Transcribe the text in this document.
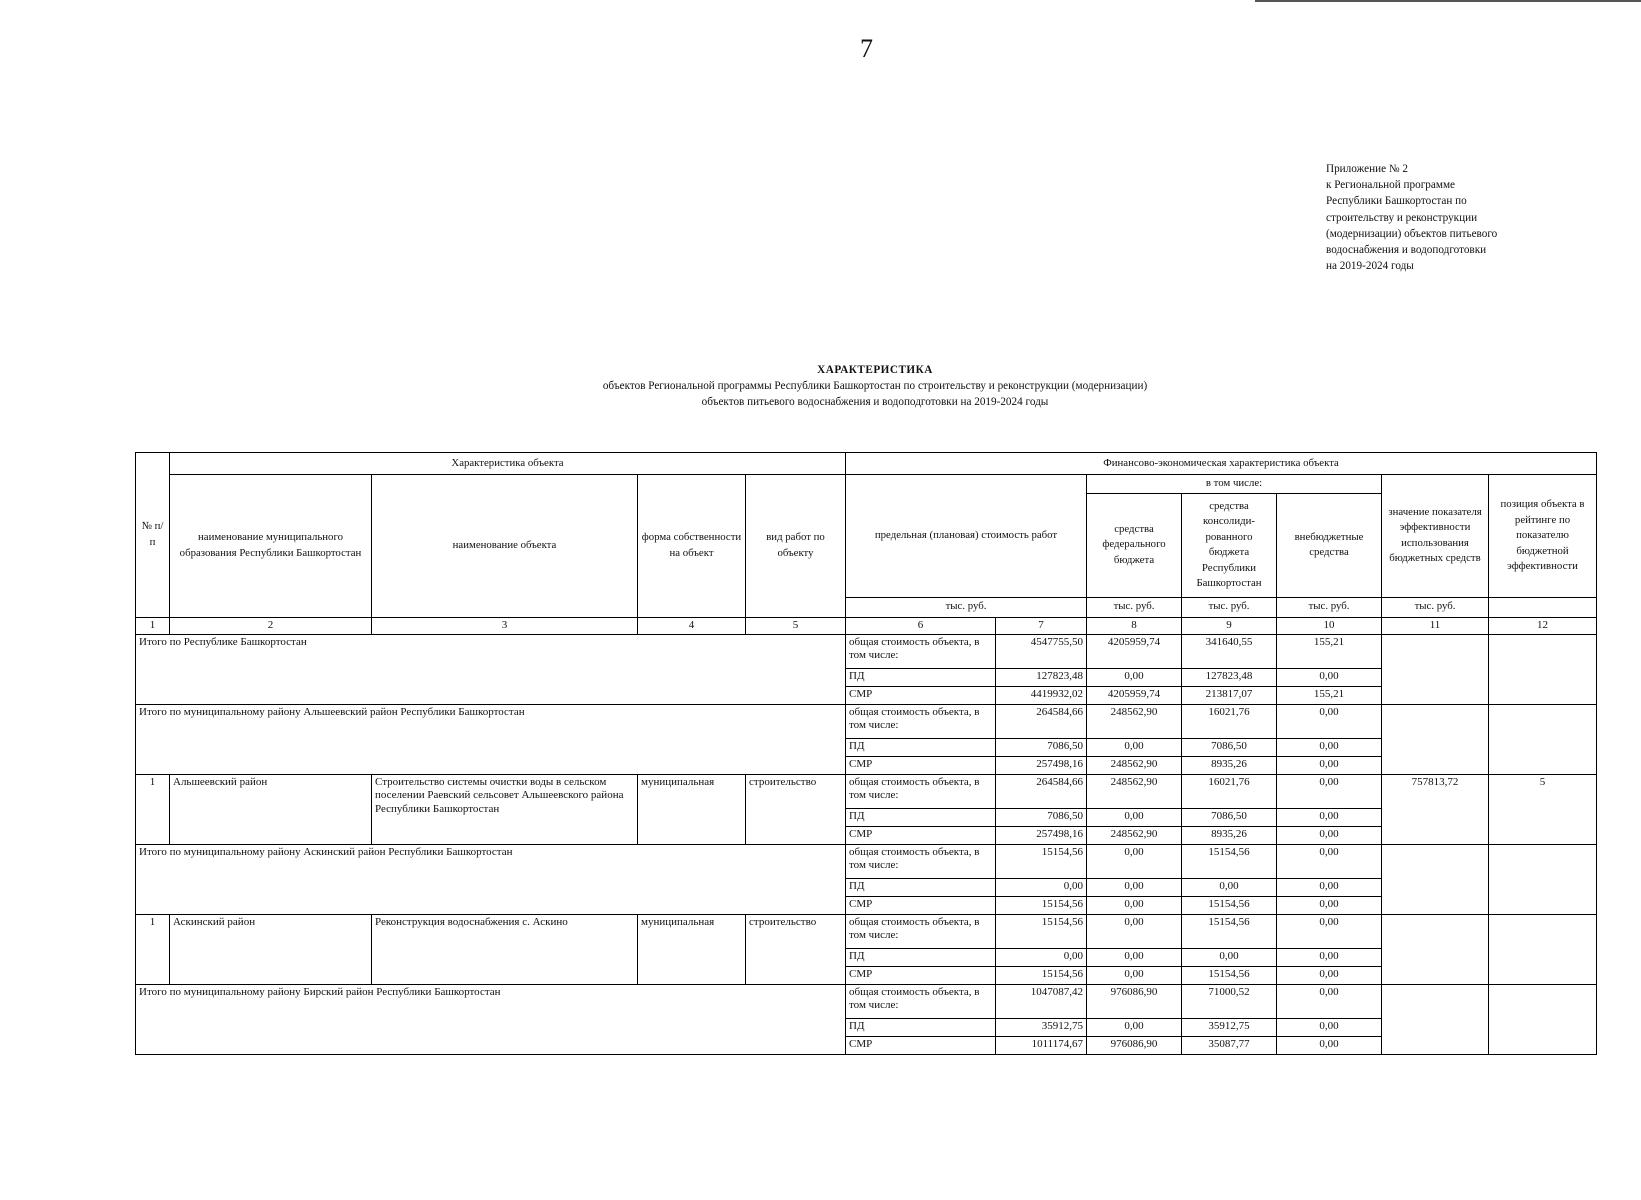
7
Приложение № 2
к Региональной программе
Республики Башкортостан по
строительству и реконструкции
(модернизации) объектов питьевого
водоснабжения и водоподготовки
на 2019-2024 годы
ХАРАКТЕРИСТИКА
объектов Региональной программы Республики Башкортостан по строительству и реконструкции (модернизации)
объектов питьевого водоснабжения и водоподготовки на 2019-2024 годы
№ п/п	Характеристика объекта				Финансово-экономическая характеристика объекта						
	наименование муниципального образования Республики Башкортостан	наименование объекта	форма собственности на объект	вид работ по объекту	предельная (плановая) стоимость работ		в том числе:			значение показателя эффективности использования бюджетных средств	позиция объекта в рейтинге по показателю бюджетной эффективности
							средства федерального бюджета	средства консолиди-рованного бюджета Республики Башкортостан	внебюджетные средства		
					тыс. руб.		тыс. руб.	тыс. руб.	тыс. руб.	тыс. руб.	
1	2	3	4	5	6	7	8	9	10	11	12
Итого по Республике Башкортостан					общая стоимость объекта, в том числе:	4547755,50	4205959,74	341640,55	155,21		
					ПД	127823,48	0,00	127823,48	0,00		
					СМР	4419932,02	4205959,74	213817,07	155,21		
Итого по муниципальному району Альшеевский район Республики Башкортостан					общая стоимость объекта, в том числе:	264584,66	248562,90	16021,76	0,00		
					ПД	7086,50	0,00	7086,50	0,00		
					СМР	257498,16	248562,90	8935,26	0,00		
1	Альшеевский район	Строительство системы очистки воды в сельском поселении Раевский сельсовет Альшеевского района Республики Башкортостан	муниципальная	строительство	общая стоимость объекта, в том числе:	264584,66	248562,90	16021,76	0,00	757813,72	5
					ПД	7086,50	0,00	7086,50	0,00		
					СМР	257498,16	248562,90	8935,26	0,00		
Итого по муниципальному району Аскинский район Республики Башкортостан					общая стоимость объекта, в том числе:	15154,56	0,00	15154,56	0,00		
					ПД	0,00	0,00	0,00	0,00		
					СМР	15154,56	0,00	15154,56	0,00		
1	Аскинский район	Реконструкция водоснабжения с. Аскино	муниципальная	строительство	общая стоимость объекта, в том числе:	15154,56	0,00	15154,56	0,00		
					ПД	0,00	0,00	0,00	0,00		
					СМР	15154,56	0,00	15154,56	0,00		
Итого по муниципальному району Бирский район Республики Башкортостан					общая стоимость объекта, в том числе:	1047087,42	976086,90	71000,52	0,00		
					ПД	35912,75	0,00	35912,75	0,00		
					СМР	1011174,67	976086,90	35087,77	0,00		
